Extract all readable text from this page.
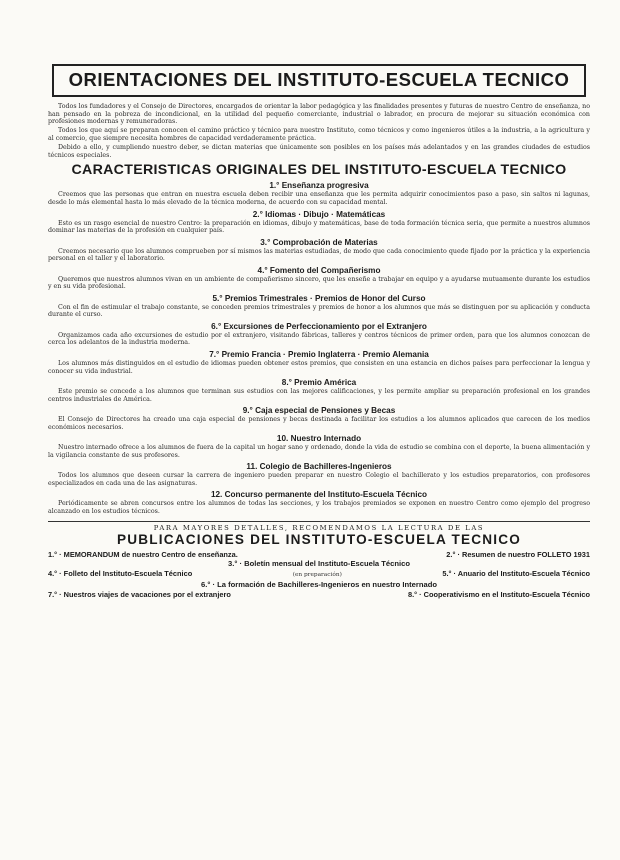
ORIENTACIONES DEL INSTITUTO-ESCUELA TECNICO

Todos los fundadores y el Consejo de Directores, encargados de orientar la labor pedagógica y las finalidades presentes y futuras de nuestro Centro de enseñanza, no han pensado en la pobreza de incondicional, en la utilidad del pequeño comerciante, industrial o labrador, en procura de mejorar su situación económica con profesiones modernas y remuneradoras.

Todos los que aquí se preparan conocen el camino práctico y técnico para nuestro Instituto, como técnicos y como ingenieros útiles a la industria, a la agricultura y al comercio, que siempre necesita hombres de capacidad verdaderamente práctica.

Debido a ello, y cumpliendo nuestro deber, se dictan materias que únicamente son posibles en los países más adelantados y en las grandes ciudades de estudios técnicos especiales.

CARACTERISTICAS ORIGINALES DEL INSTITUTO-ESCUELA TECNICO
1.° Enseñanza progresiva

Creemos que las personas que entran en nuestra escuela deben recibir una enseñanza que les permita adquirir conocimientos paso a paso, sin saltos ni lagunas, desde lo más elemental hasta lo más elevado de la técnica moderna, de acuerdo con su capacidad mental.

2.° Idiomas · Dibujo · Matemáticas

Esto es un rasgo esencial de nuestro Centro: la preparación en idiomas, dibujo y matemáticas, base de toda formación técnica seria, que permite a nuestros alumnos dominar las materias de la profesión en cualquier país.

3.° Comprobación de Materias

Creemos necesario que los alumnos comprueben por sí mismos las materias estudiadas, de modo que cada conocimiento quede fijado por la práctica y la experiencia personal en el taller y el laboratorio.

4.° Fomento del Compañerismo

Queremos que nuestros alumnos vivan en un ambiente de compañerismo sincero, que les enseñe a trabajar en equipo y a ayudarse mutuamente durante los estudios y en su vida profesional.

5.° Premios Trimestrales · Premios de Honor del Curso

Con el fin de estimular el trabajo constante, se conceden premios trimestrales y premios de honor a los alumnos que más se distinguen por su aplicación y conducta durante el curso.

6.° Excursiones de Perfeccionamiento por el Extranjero

Organizamos cada año excursiones de estudio por el extranjero, visitando fábricas, talleres y centros técnicos de primer orden, para que los alumnos conozcan de cerca los adelantos de la industria moderna.

7.° Premio Francia · Premio Inglaterra · Premio Alemania

Los alumnos más distinguidos en el estudio de idiomas pueden obtener estos premios, que consisten en una estancia en dichos países para perfeccionar la lengua y conocer su vida industrial.

8.° Premio América

Este premio se concede a los alumnos que terminan sus estudios con las mejores calificaciones, y les permite ampliar su preparación profesional en los grandes centros industriales de América.

9.° Caja especial de Pensiones y Becas

El Consejo de Directores ha creado una caja especial de pensiones y becas destinada a facilitar los estudios a los alumnos aplicados que carecen de los medios económicos necesarios.

10. Nuestro Internado

Nuestro internado ofrece a los alumnos de fuera de la capital un hogar sano y ordenado, donde la vida de estudio se combina con el deporte, la buena alimentación y la vigilancia constante de sus profesores.

11. Colegio de Bachilleres-Ingenieros

Todos los alumnos que deseen cursar la carrera de ingeniero pueden preparar en nuestro Colegio el bachillerato y los estudios preparatorios, con profesores especializados en cada una de las asignaturas.

12. Concurso permanente del Instituto-Escuela Técnico

Periódicamente se abren concursos entre los alumnos de todas las secciones, y los trabajos premiados se exponen en nuestro Centro como ejemplo del progreso alcanzado en los estudios técnicos.

PARA MAYORES DETALLES, RECOMENDAMOS LA LECTURA DE LAS
PUBLICACIONES DEL INSTITUTO-ESCUELA TECNICO
1.° · MEMORANDUM de nuestro Centro de enseñanza.	2.° · Resumen de nuestro FOLLETO 1931
3.° · Boletín mensual del Instituto-Escuela Técnico
4.° · Folleto del Instituto-Escuela Técnico	(en preparación)	5.° · Anuario del Instituto-Escuela Técnico
6.° · La formación de Bachilleres-Ingenieros en nuestro Internado
7.° · Nuestros viajes de vacaciones por el extranjero	8.° · Cooperativismo en el Instituto-Escuela Técnico
